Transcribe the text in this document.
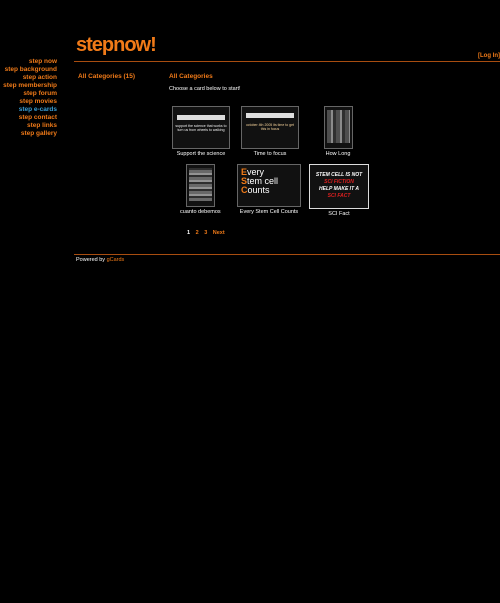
step now
step background
step action
step membership
step forum
step movies
step e-cards
step contact
step links
step gallery
stepnow!	[Log In]
All Categories (15)	All Categories
Choose a card below to start!
support the science that works to turn us from wheels to walking
Support the science
october 4th 2005 its time to get this in focus
Time to focus	How Long
cuanto debemos
Every
Stem cell
Counts
Every Stem Cell Counts
STEM CELL IS NOT
SCI FICTION
HELP MAKE IT A
SCI FACT
SCI Fact
1 2 3 Next
Powered by gCards
